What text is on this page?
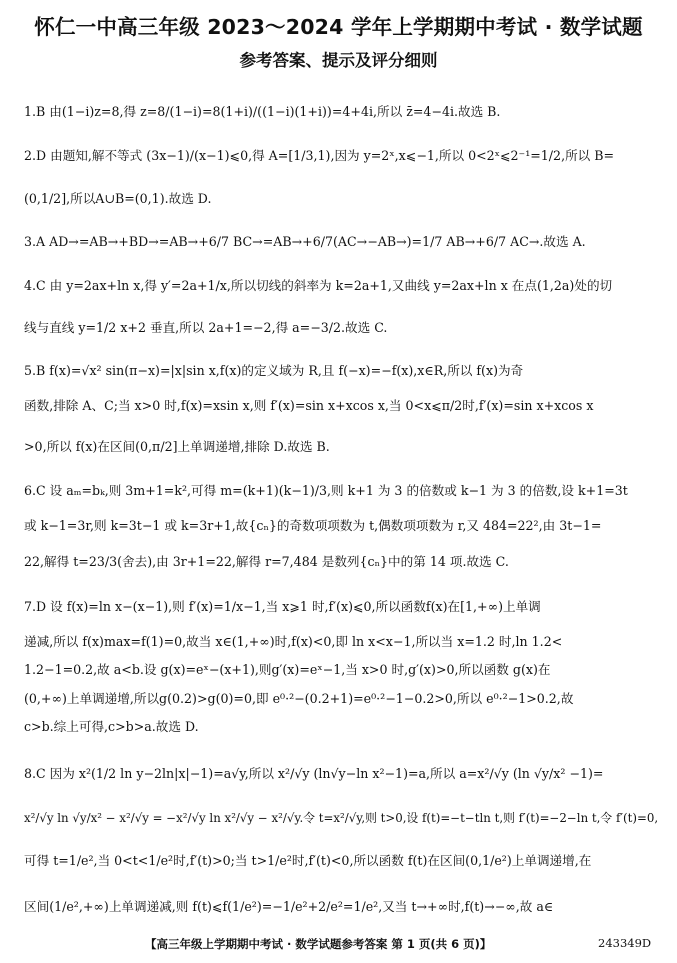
怀仁一中高三年级 2023～2024 学年上学期期中考试 · 数学试题
参考答案、提示及评分细则
1.B 由(1−i)z=8,得 z=8/(1−i)=8(1+i)/((1−i)(1+i))=4+4i,所以 z̄=4−4i.故选 B.
2.D 由题知,解不等式 (3x−1)/(x−1)⩽0,得 A=[1/3,1),因为 y=2ˣ,x⩽−1,所以 0<2ˣ⩽2⁻¹=1/2,所以 B=
(0,1/2],所以A∪B=(0,1).故选 D.
3.A AD→=AB→+BD→=AB→+6/7 BC→=AB→+6/7(AC→−AB→)=1/7 AB→+6/7 AC→.故选 A.
4.C 由 y=2ax+ln x,得 y′=2a+1/x,所以切线的斜率为 k=2a+1,又曲线 y=2ax+ln x 在点(1,2a)处的切
线与直线 y=1/2 x+2 垂直,所以 2a+1=−2,得 a=−3/2.故选 C.
5.B f(x)=√x² sin(π−x)=|x|sin x,f(x)的定义域为 R,且 f(−x)=−f(x),x∈R,所以 f(x)为奇
函数,排除 A、C;当 x>0 时,f(x)=xsin x,则 f′(x)=sin x+xcos x,当 0<x⩽π/2时,f′(x)=sin x+xcos x
>0,所以 f(x)在区间(0,π/2]上单调递增,排除 D.故选 B.
6.C 设 aₘ=bₖ,则 3m+1=k²,可得 m=(k+1)(k−1)/3,则 k+1 为 3 的倍数或 k−1 为 3 的倍数,设 k+1=3t
或 k−1=3r,则 k=3t−1 或 k=3r+1,故{cₙ}的奇数项项数为 t,偶数项项数为 r,又 484=22²,由 3t−1=
22,解得 t=23/3(舍去),由 3r+1=22,解得 r=7,484 是数列{cₙ}中的第 14 项.故选 C.
7.D 设 f(x)=ln x−(x−1),则 f′(x)=1/x−1,当 x⩾1 时,f′(x)⩽0,所以函数f(x)在[1,+∞)上单调
递减,所以 f(x)max=f(1)=0,故当 x∈(1,+∞)时,f(x)<0,即 ln x<x−1,所以当 x=1.2 时,ln 1.2<
1.2−1=0.2,故 a<b.设 g(x)=eˣ−(x+1),则g′(x)=eˣ−1,当 x>0 时,g′(x)>0,所以函数 g(x)在
(0,+∞)上单调递增,所以g(0.2)>g(0)=0,即 e⁰·²−(0.2+1)=e⁰·²−1−0.2>0,所以 e⁰·²−1>0.2,故
c>b.综上可得,c>b>a.故选 D.
8.C 因为 x²(1/2 ln y−2ln|x|−1)=a√y,所以 x²/√y (ln√y−ln x²−1)=a,所以 a=x²/√y (ln √y/x² −1)=
x²/√y ln √y/x² − x²/√y = −x²/√y ln x²/√y − x²/√y.令 t=x²/√y,则 t>0,设 f(t)=−t−tln t,则 f′(t)=−2−ln t,令 f′(t)=0,
可得 t=1/e²,当 0<t<1/e²时,f′(t)>0;当 t>1/e²时,f′(t)<0,所以函数 f(t)在区间(0,1/e²)上单调递增,在
区间(1/e²,+∞)上单调递减,则 f(t)⩽f(1/e²)=−1/e²+2/e²=1/e²,又当 t→+∞时,f(t)→−∞,故 a∈
【高三年级上学期期中考试 · 数学试题参考答案 第 1 页(共 6 页)】	243349D
